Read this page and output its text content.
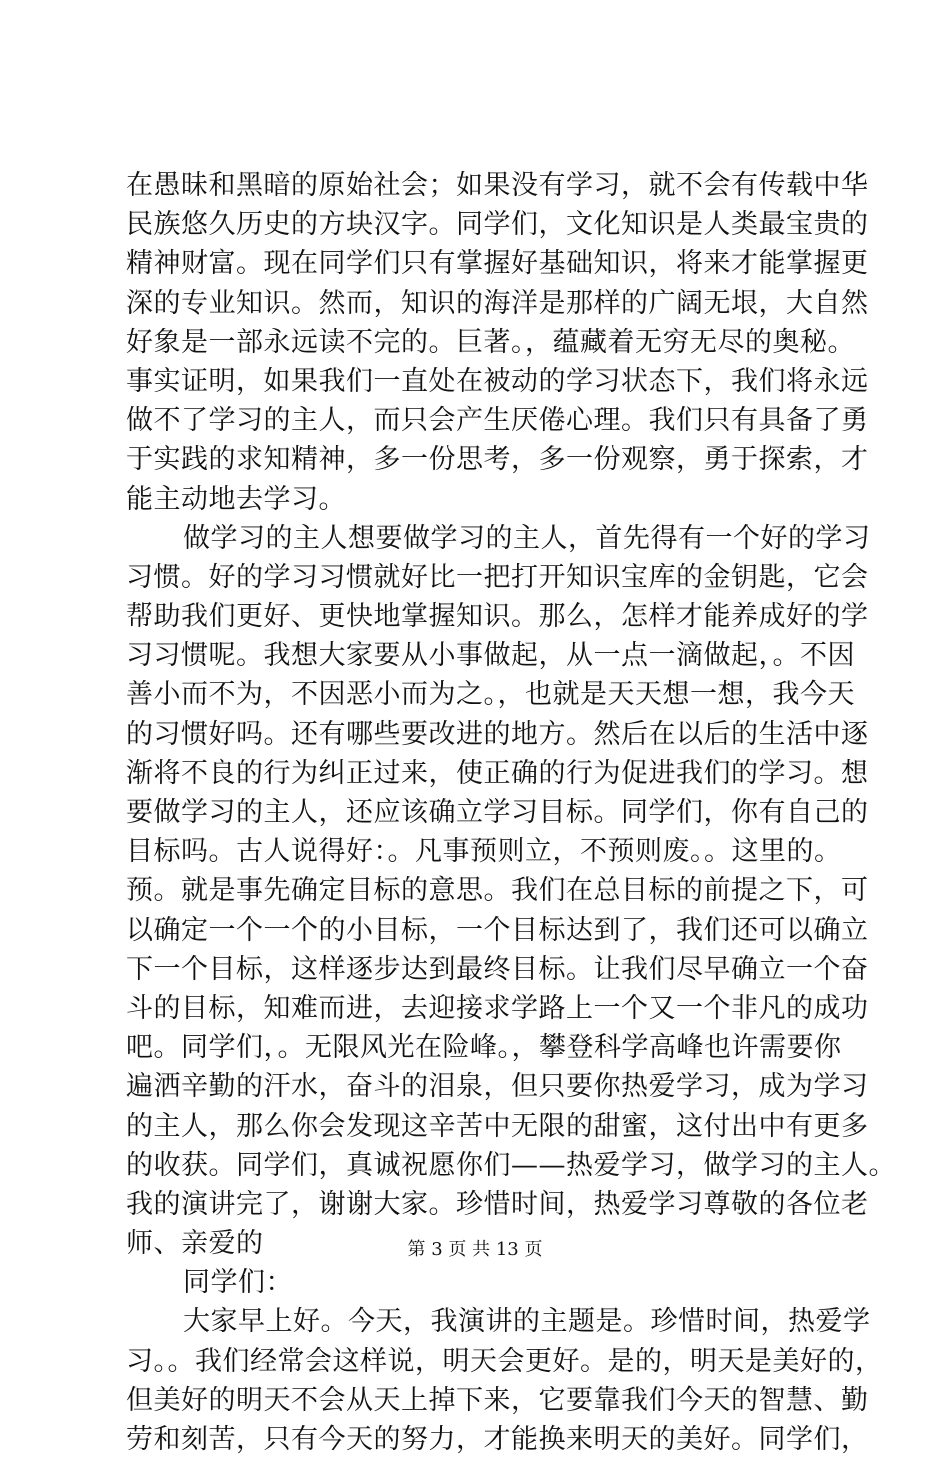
在愚昧和黑暗的原始社会；如果没有学习，就不会有传载中华
民族悠久历史的方块汉字。同学们，文化知识是人类最宝贵的
精神财富。现在同学们只有掌握好基础知识，将来才能掌握更
深的专业知识。然而，知识的海洋是那样的广阔无垠，大自然
好象是一部永远读不完的。巨著。，蕴藏着无穷无尽的奥秘。
事实证明，如果我们一直处在被动的学习状态下，我们将永远
做不了学习的主人，而只会产生厌倦心理。我们只有具备了勇
于实践的求知精神，多一份思考，多一份观察，勇于探索，才
能主动地去学习。
做学习的主人想要做学习的主人，首先得有一个好的学习
习惯。好的学习习惯就好比一把打开知识宝库的金钥匙，它会
帮助我们更好、更快地掌握知识。那么，怎样才能养成好的学
习习惯呢。我想大家要从小事做起，从一点一滴做起，。不因
善小而不为，不因恶小而为之。，也就是天天想一想，我今天
的习惯好吗。还有哪些要改进的地方。然后在以后的生活中逐
渐将不良的行为纠正过来，使正确的行为促进我们的学习。想
要做学习的主人，还应该确立学习目标。同学们，你有自己的
目标吗。古人说得好：。凡事预则立，不预则废。。这里的。
预。就是事先确定目标的意思。我们在总目标的前提之下，可
以确定一个一个的小目标，一个目标达到了，我们还可以确立
下一个目标，这样逐步达到最终目标。让我们尽早确立一个奋
斗的目标，知难而进，去迎接求学路上一个又一个非凡的成功
吧。同学们，。无限风光在险峰。，攀登科学高峰也许需要你
遍洒辛勤的汗水，奋斗的泪泉，但只要你热爱学习，成为学习
的主人，那么你会发现这辛苦中无限的甜蜜，这付出中有更多
的收获。同学们，真诚祝愿你们——热爱学习，做学习的主人。
我的演讲完了，谢谢大家。珍惜时间，热爱学习尊敬的各位老
师、亲爱的
同学们：
大家早上好。今天，我演讲的主题是。珍惜时间，热爱学
习。。我们经常会这样说，明天会更好。是的，明天是美好的，
但美好的明天不会从天上掉下来，它要靠我们今天的智慧、勤
劳和刻苦，只有今天的努力，才能换来明天的美好。同学们，
第 3 页 共 13 页
